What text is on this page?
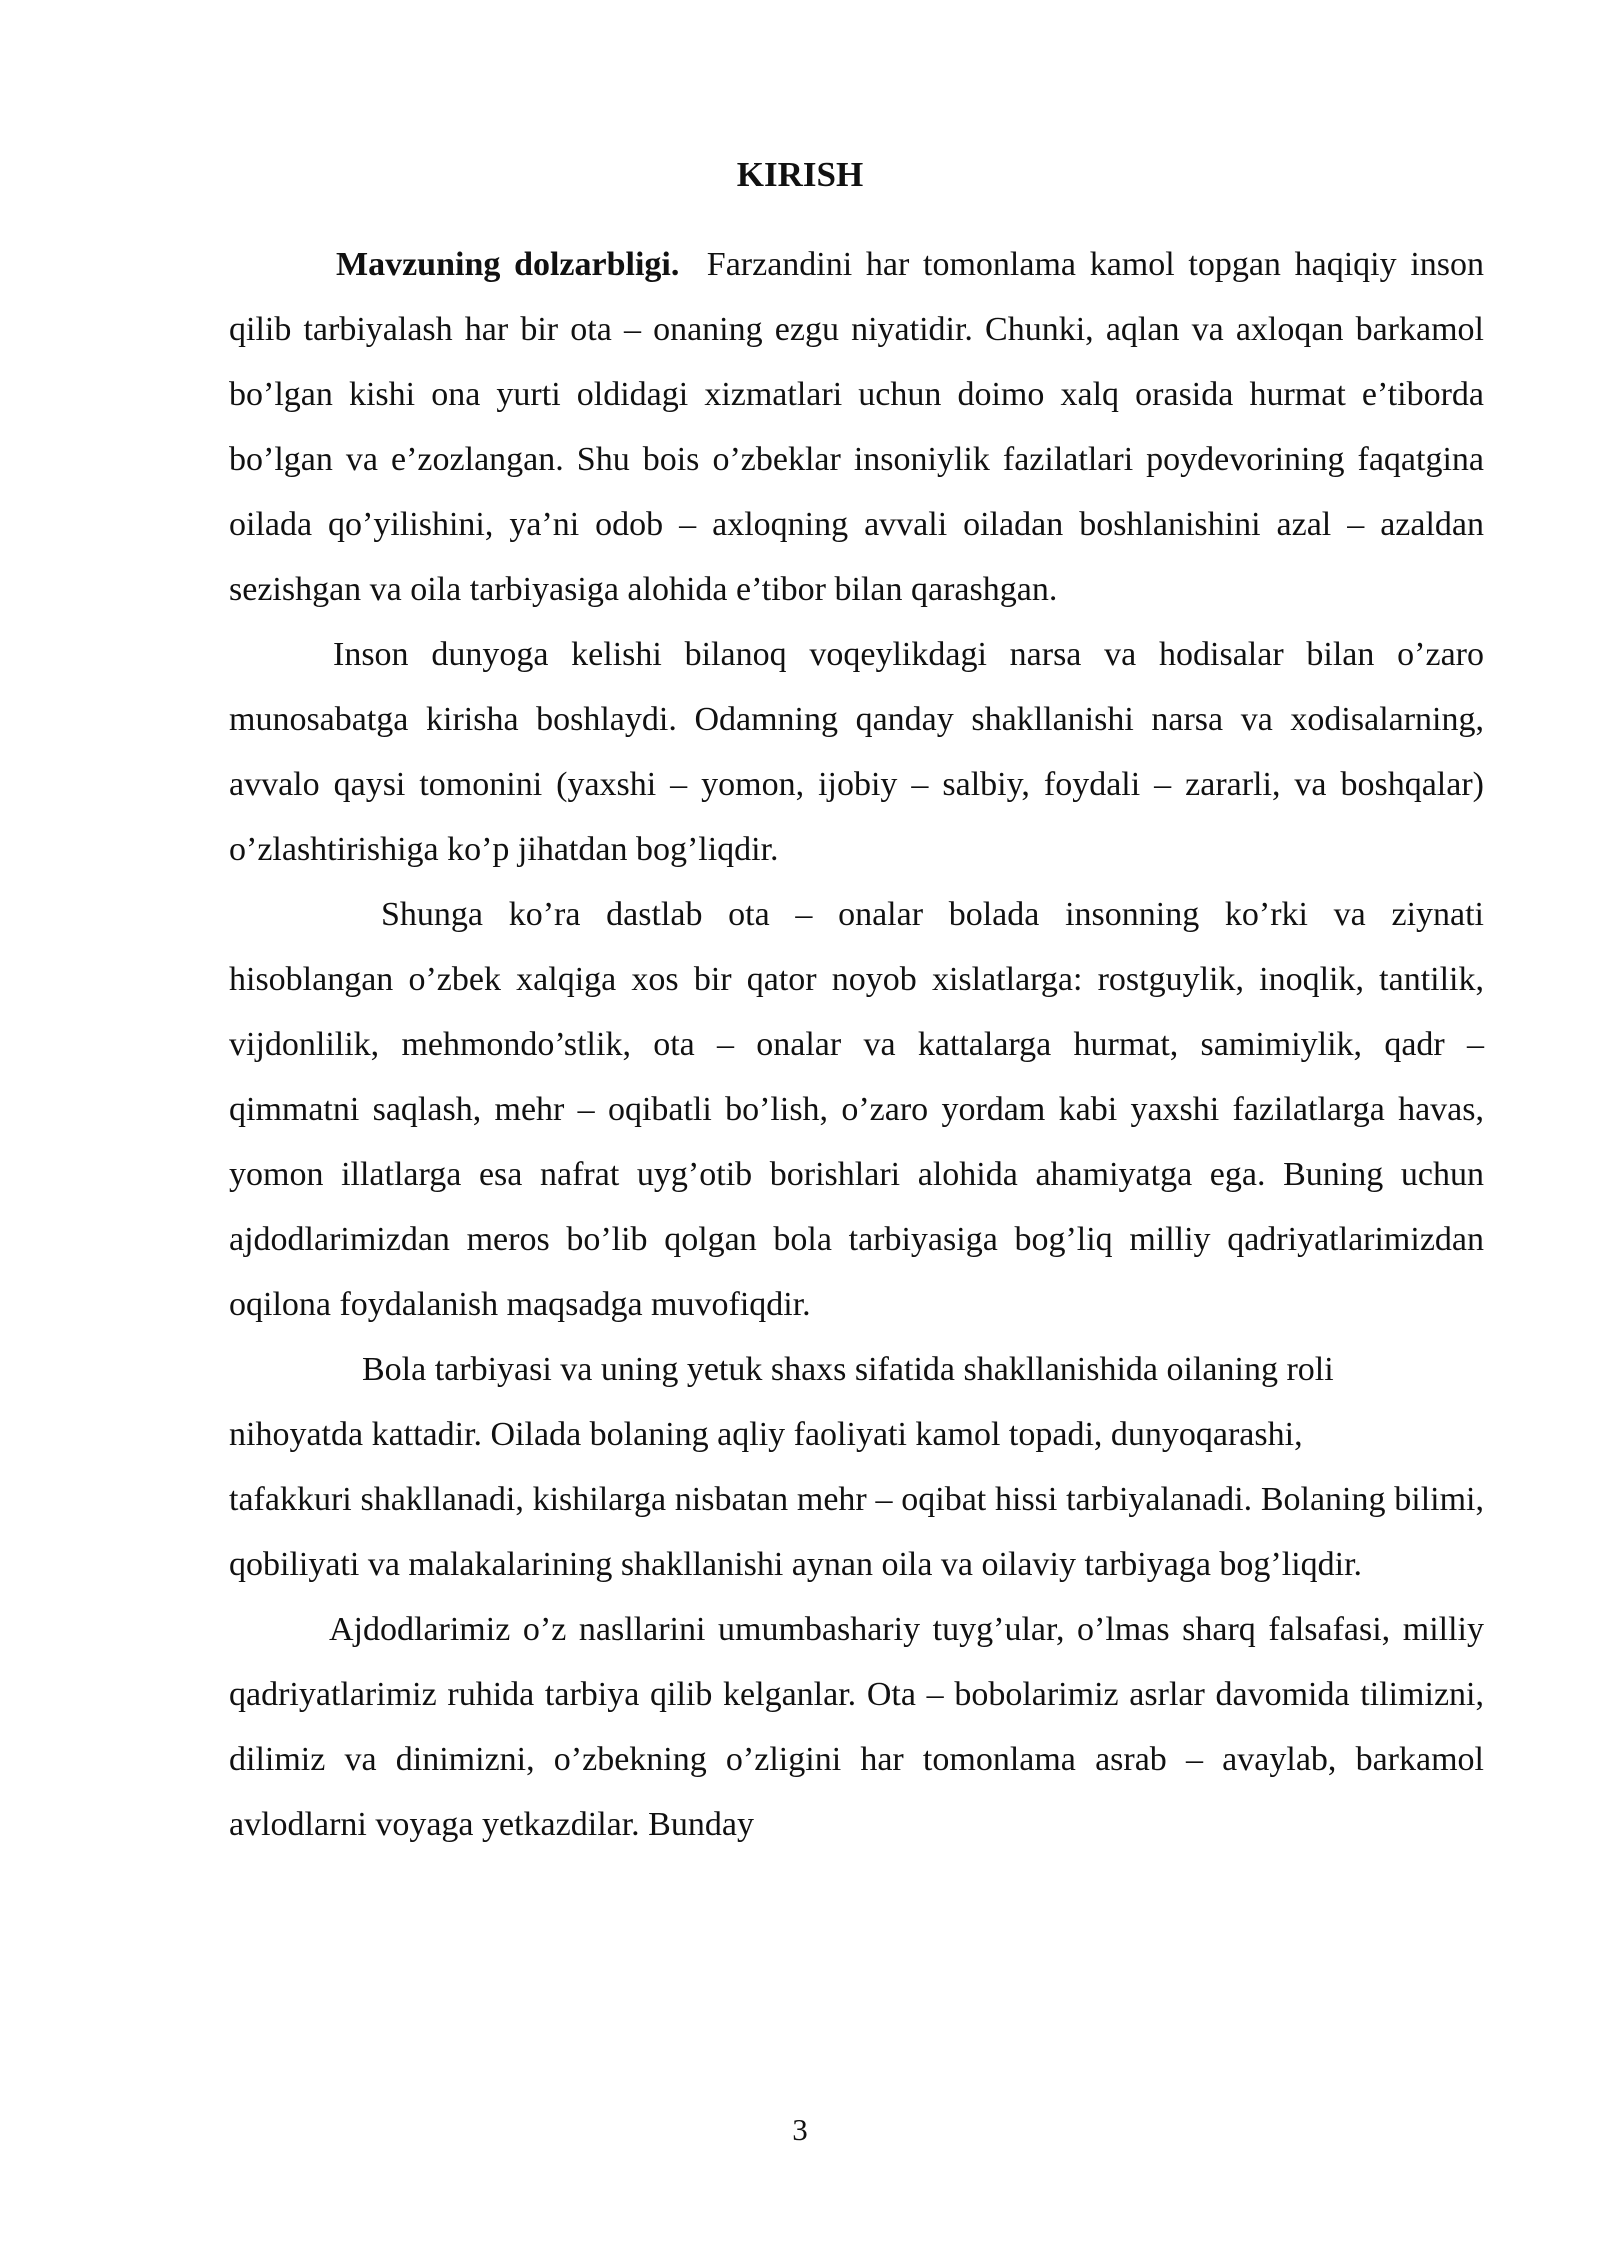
KIRISH

Mavzuning dolzarbligi. Farzandini har tomonlama kamol topgan haqiqiy inson qilib tarbiyalash har bir ota – onaning ezgu niyatidir. Chunki, aqlan va axloqan barkamol bo’lgan kishi ona yurti oldidagi xizmatlari uchun doimo xalq orasida hurmat e’tiborda bo’lgan va e’zozlangan. Shu bois o’zbeklar insoniylik fazilatlari poydevorining faqatgina oilada qo’yilishini, ya’ni odob – axloqning avvali oiladan boshlanishini azal – azaldan sezishgan va oila tarbiyasiga alohida e’tibor bilan qarashgan.

Inson dunyoga kelishi bilanoq voqeylikdagi narsa va hodisalar bilan o’zaro munosabatga kirisha boshlaydi. Odamning qanday shakllanishi narsa va xodisalarning, avvalo qaysi tomonini (yaxshi – yomon, ijobiy – salbiy, foydali – zararli, va boshqalar) o’zlashtirishiga ko’p jihatdan bog’liqdir.

Shunga ko’ra dastlab ota – onalar bolada insonning ko’rki va ziynati hisoblangan o’zbek xalqiga xos bir qator noyob xislatlarga: rostguylik, inoqlik, tantilik, vijdonlilik, mehmondo’stlik, ota – onalar va kattalarga hurmat, samimiylik, qadr – qimmatni saqlash, mehr – oqibatli bo’lish, o’zaro yordam kabi yaxshi fazilatlarga havas, yomon illatlarga esa nafrat uyg’otib borishlari alohida ahamiyatga ega. Buning uchun ajdodlarimizdan meros bo’lib qolgan bola tarbiyasiga bog’liq milliy qadriyatlarimizdan oqilona foydalanish maqsadga muvofiqdir.

Bola tarbiyasi va uning yetuk shaxs sifatida shakllanishida oilaning roli
nihoyatda kattadir. Oilada bolaning aqliy faoliyati kamol topadi, dunyoqarashi,
tafakkuri shakllanadi, kishilarga nisbatan mehr – oqibat hissi tarbiyalanadi. Bolaning bilimi, qobiliyati va malakalarining shakllanishi aynan oila va oilaviy tarbiyaga bog’liqdir.

Ajdodlarimiz o’z nasllarini umumbashariy tuyg’ular, o’lmas sharq falsafasi, milliy qadriyatlarimiz ruhida tarbiya qilib kelganlar. Ota – bobolarimiz asrlar davomida tilimizni, dilimiz va dinimizni, o’zbekning o’zligini har tomonlama asrab – avaylab, barkamol avlodlarni voyaga yetkazdilar. Bunday

3
